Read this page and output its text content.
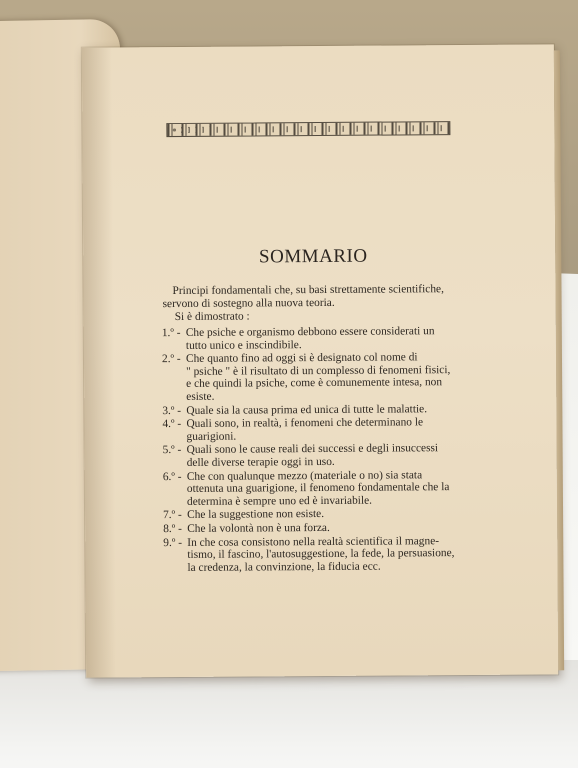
SOMMARIO
Principi fondamentali che, su basi strettamente scientifiche,
servono di sostegno alla nuova teoria.
Si è dimostrato :
1.º - Che psiche e organismo debbono essere considerati un
tutto unico e inscindibile.
2.º - Che quanto fino ad oggi si è designato col nome di
" psiche " è il risultato di un complesso di fenomeni fisici,
e che quindi la psiche, come è comunemente intesa, non
esiste.
3.º - Quale sia la causa prima ed unica di tutte le malattie.
4.º - Quali sono, in realtà, i fenomeni che determinano le
guarigioni.
5.º - Quali sono le cause reali dei successi e degli insuccessi
delle diverse terapie oggi in uso.
6.º - Che con qualunque mezzo (materiale o no) sia stata
ottenuta una guarigione, il fenomeno fondamentale che la
determina è sempre uno ed è invariabile.
7.º - Che la suggestione non esiste.
8.º - Che la volontà non è una forza.
9.º - In che cosa consistono nella realtà scientifica il magne-
tismo, il fascino, l'autosuggestione, la fede, la persuasione,
la credenza, la convinzione, la fiducia ecc.
